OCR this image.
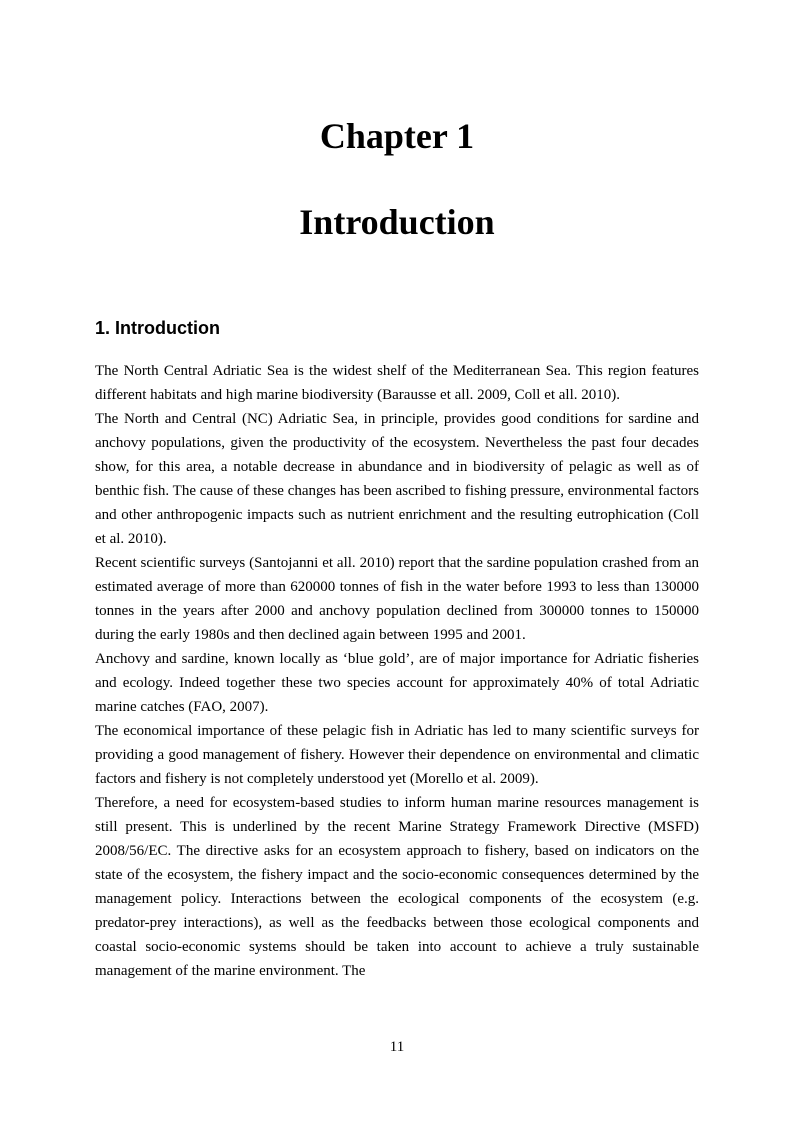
Chapter 1
Introduction
1. Introduction

The North Central Adriatic Sea is the widest shelf of the Mediterranean Sea. This region features different habitats and high marine biodiversity (Barausse et all. 2009, Coll et all. 2010).

The North and Central (NC) Adriatic Sea, in principle, provides good conditions for sardine and anchovy populations, given the productivity of the ecosystem. Nevertheless the past four decades show, for this area, a notable decrease in abundance and in biodiversity of pelagic as well as of benthic fish. The cause of these changes has been ascribed to fishing pressure, environmental factors and other anthropogenic impacts such as nutrient enrichment and the resulting eutrophication (Coll et al. 2010).

Recent scientific surveys (Santojanni et all. 2010) report that the sardine population crashed from an estimated average of more than 620000 tonnes of fish in the water before 1993 to less than 130000 tonnes in the years after 2000 and anchovy population declined from 300000 tonnes to 150000 during the early 1980s and then declined again between 1995 and 2001.

Anchovy and sardine, known locally as ‘blue gold’, are of major importance for Adriatic fisheries and ecology. Indeed together these two species account for approximately 40% of total Adriatic marine catches (FAO, 2007).

The economical importance of these pelagic fish in Adriatic has led to many scientific surveys for providing a good management of fishery. However their dependence on environmental and climatic factors and fishery is not completely understood yet (Morello et al. 2009).

Therefore, a need for ecosystem-based studies to inform human marine resources management is still present. This is underlined by the recent Marine Strategy Framework Directive (MSFD) 2008/56/EC. The directive asks for an ecosystem approach to fishery, based on indicators on the state of the ecosystem, the fishery impact and the socio-economic consequences determined by the management policy. Interactions between the ecological components of the ecosystem (e.g. predator-prey interactions), as well as the feedbacks between those ecological components and coastal socio-economic systems should be taken into account to achieve a truly sustainable management of the marine environment. The

11
